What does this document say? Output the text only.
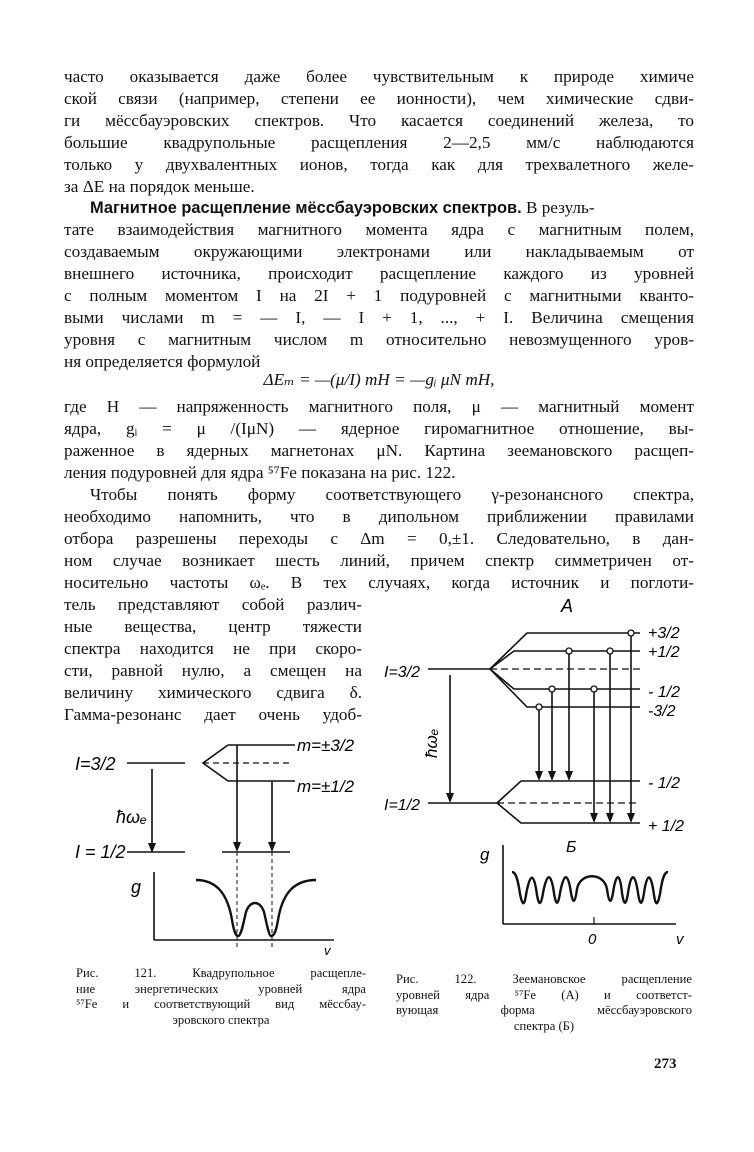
часто оказывается даже более чувствительным к природе химиче
ской связи (например, степени ее ионности), чем химические сдви-
ги мёссбауэровских спектров. Что касается соединений железа, то
большие квадрупольные расщепления 2—2,5 мм/с наблюдаются
только у двухвалентных ионов, тогда как для трехвалетного желе-
за ΔE на порядок меньше.
Магнитное расщепление мёссбауэровских спектров. В резуль-
тате взаимодействия магнитного момента ядра с магнитным полем,
создаваемым окружающими электронами или накладываемым от
внешнего источника, происходит расщепление каждого из уровней
с полным моментом I на 2I + 1 подуровней с магнитными кванто-
выми числами m = — I, — I + 1, ..., + I. Величина смещения
уровня с магнитным числом m относительно невозмущенного уров-
ня определяется формулой
ΔEₘ = —(μ/I) mH = —gᵢ μN mH,
где H — напряженность магнитного поля, μ — магнитный момент
ядра, gᵢ = μ /(IμN) — ядерное гиромагнитное отношение, вы-
раженное в ядерных магнетонах μN. Картина зеемановского расщеп-
ления подуровней для ядра ⁵⁷Fe показана на рис. 122.
Чтобы понять форму соответствующего γ-резонансного спектра,
необходимо напомнить, что в дипольном приближении правилами
отбора разрешены переходы с Δm = 0,±1. Следовательно, в дан-
ном случае возникает шесть линий, причем спектр симметричен от-
носительно частоты ωₑ. В тех случаях, когда источник и поглоти-
тель представляют собой различ-
ные вещества, центр тяжести
спектра находится не при скоро-
сти, равной нулю, а смещен на
величину химического сдвига δ.
Гамма-резонанс дает очень удоб-
I=3/2
I = 1/2
m=±3/2
m=±1/2
ħωₑ
g
v
А
Б
I=3/2
I=1/2
+3/2
+1/2
- 1/2
-3/2
- 1/2
+ 1/2
ħωₑ
g
0	v
Рис. 121. Квадрупольное расщепле-
ние энергетических уровней ядра
⁵⁷Fe и соответствующий вид мёссбау-
эровского спектра
Рис. 122. Зеемановское расщепление
уровней ядра ⁵⁷Fe (А) и соответст-
вующая форма мёссбауэровского
спектра (Б)
273
